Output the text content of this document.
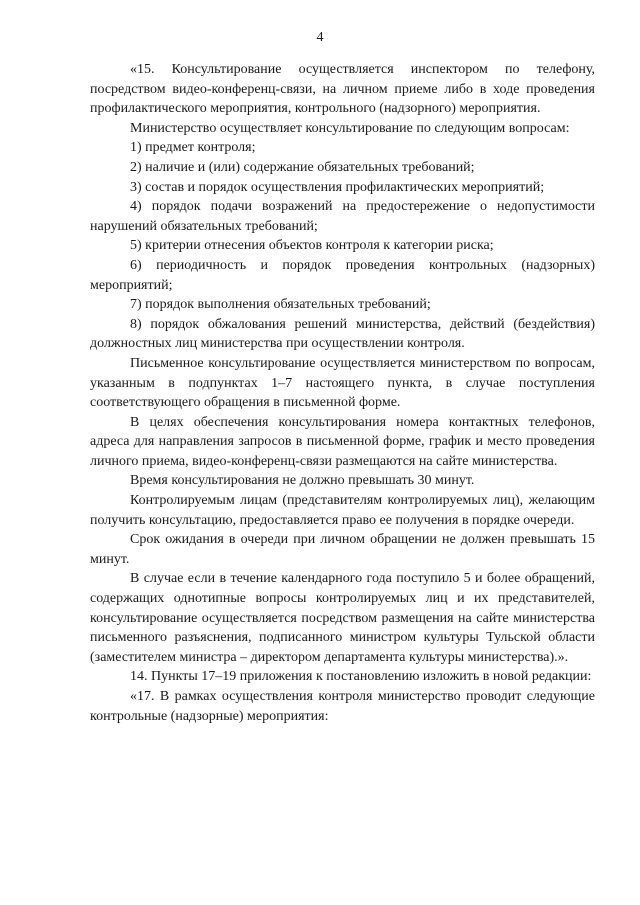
4

«15. Консультирование осуществляется инспектором по телефону, посредством видео-конференц-связи, на личном приеме либо в ходе проведения профилактического мероприятия, контрольного (надзорного) мероприятия.

Министерство осуществляет консультирование по следующим вопросам:

1) предмет контроля;

2) наличие и (или) содержание обязательных требований;

3) состав и порядок осуществления профилактических мероприятий;

4) порядок подачи возражений на предостережение о недопустимости нарушений обязательных требований;

5) критерии отнесения объектов контроля к категории риска;

6) периодичность и порядок проведения контрольных (надзорных) мероприятий;

7) порядок выполнения обязательных требований;

8) порядок обжалования решений министерства, действий (бездействия) должностных лиц министерства при осуществлении контроля.

Письменное консультирование осуществляется министерством по вопросам, указанным в подпунктах 1–7 настоящего пункта, в случае поступления соответствующего обращения в письменной форме.

В целях обеспечения консультирования номера контактных телефонов, адреса для направления запросов в письменной форме, график и место проведения личного приема, видео-конференц-связи размещаются на сайте министерства.

Время консультирования не должно превышать 30 минут.

Контролируемым лицам (представителям контролируемых лиц), желающим получить консультацию, предоставляется право ее получения в порядке очереди.

Срок ожидания в очереди при личном обращении не должен превышать 15 минут.

В случае если в течение календарного года поступило 5 и более обращений, содержащих однотипные вопросы контролируемых лиц и их представителей, консультирование осуществляется посредством размещения на сайте министерства письменного разъяснения, подписанного министром культуры Тульской области (заместителем министра – директором департамента культуры министерства).».

14. Пункты 17–19 приложения к постановлению изложить в новой редакции:

«17. В рамках осуществления контроля министерство проводит следующие контрольные (надзорные) мероприятия:
